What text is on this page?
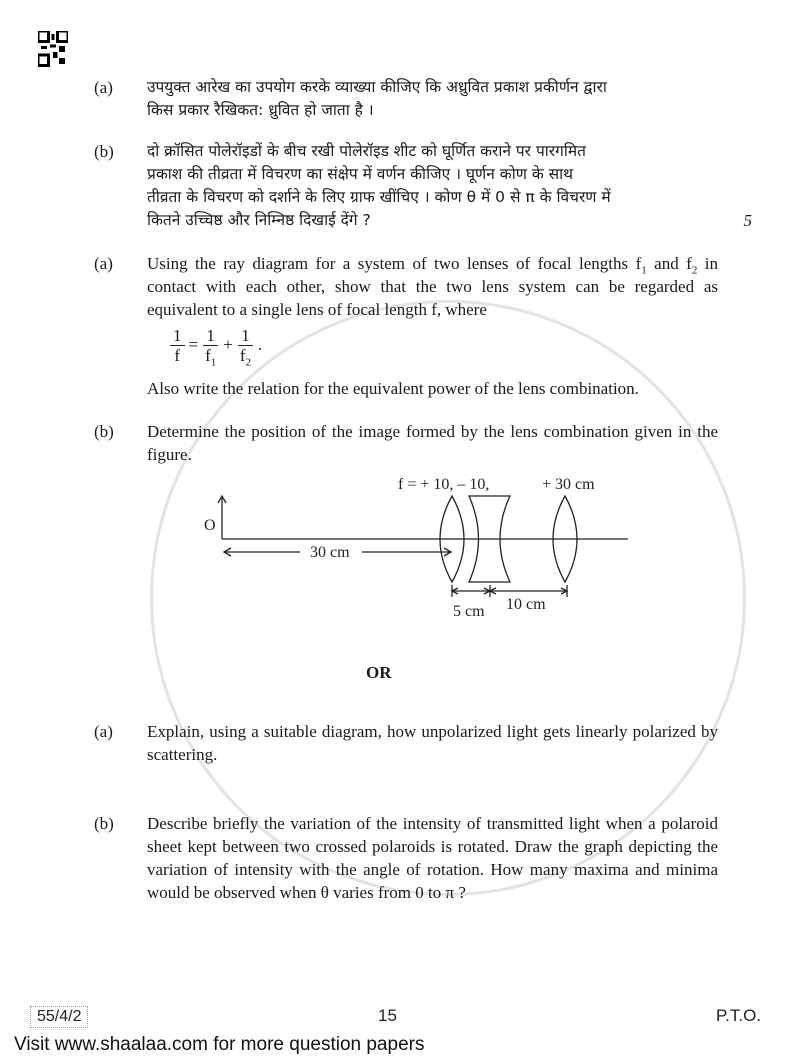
(a)	उपयुक्त आरेख का उपयोग करके व्याख्या कीजिए कि अध्रुवित प्रकाश प्रकीर्णन द्वारा
किस प्रकार रैखिकत: ध्रुवित हो जाता है ।
(b)	दो क्रॉसित पोलेरॉइडों के बीच रखी पोलेरॉइड शीट को घूर्णित कराने पर पारगमित
प्रकाश की तीव्रता में विचरण का संक्षेप में वर्णन कीजिए । घूर्णन कोण के साथ
तीव्रता के विचरण को दर्शाने के लिए ग्राफ खींचिए । कोण θ में 0 से π के विचरण में
कितने उच्चिष्ठ और निम्निष्ठ दिखाई देंगे ?	5
(a)	Using the ray diagram for a system of two lenses of focal lengths $f_1$ and $f_2$ in contact with each other, show that the two lens system can be regarded as equivalent to a single lens of focal length f, where
$\frac{1}{f} = \frac{1}{f_1} + \frac{1}{f_2}$ .
Also write the relation for the equivalent power of the lens combination.
(b)	Determine the position of the image formed by the lens combination given in the figure.
f = + 10, – 10,	+ 30 cm
O
30 cm
5 cm 10 cm
OR
(a)	Explain, using a suitable diagram, how unpolarized light gets linearly polarized by scattering.
(b)	Describe briefly the variation of the intensity of transmitted light when a polaroid sheet kept between two crossed polaroids is rotated. Draw the graph depicting the variation of intensity with the angle of rotation. How many maxima and minima would be observed when θ varies from 0 to π ?
55/4/2	15	P.T.O.
Visit www.shaalaa.com for more question papers
